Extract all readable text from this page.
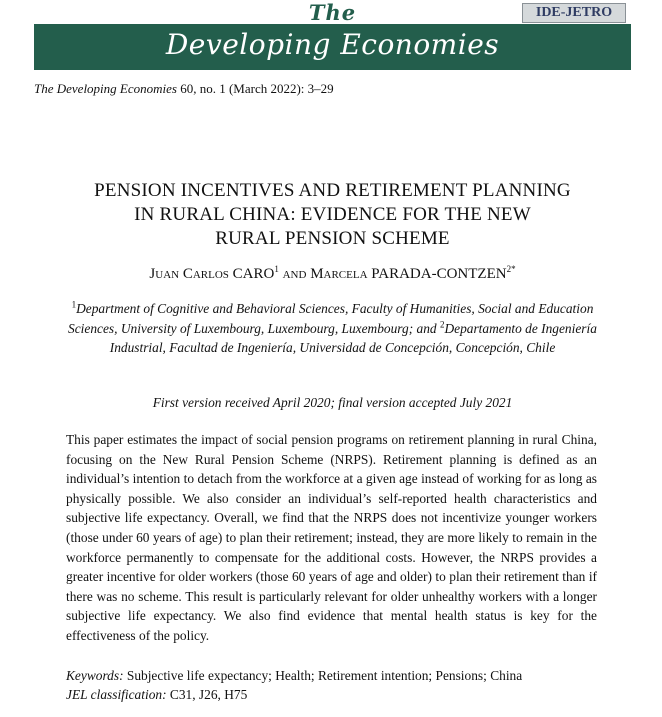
The
Developing Economies
IDE-JETRO
The Developing Economies 60, no. 1 (March 2022): 3–29
PENSION INCENTIVES AND RETIREMENT PLANNING
IN RURAL CHINA: EVIDENCE FOR THE NEW
RURAL PENSION SCHEME
Juan Carlos CARO$^1$ and Marcela PARADA-$CONTZEN^{2*}$
$^1$Department of Cognitive and Behavioral Sciences, Faculty of Humanities, Social and Education
Sciences, University of Luxembourg, Luxembourg, Luxembourg; and $^2$Departamento de Ingeniería
Industrial, Facultad de Ingeniería, Universidad de Concepción, Concepción, Chile
First version received April 2020; final version accepted July 2021

This paper estimates the impact of social pension programs on retirement planning in rural China, focusing on the New Rural Pension Scheme (NRPS). Retirement planning is defined as an individual’s intention to detach from the workforce at a given age instead of working for as long as physically possible. We also consider an individual’s self-reported health characteristics and subjective life expectancy. Overall, we find that the NRPS does not incentivize younger workers (those under 60 years of age) to plan their retirement; instead, they are more likely to remain in the workforce permanently to compensate for the additional costs. However, the NRPS provides a greater incentive for older workers (those 60 years of age and older) to plan their retirement than if there was no scheme. This result is particularly relevant for older unhealthy workers with a longer subjective life expectancy. We also find evidence that mental health status is key for the effectiveness of the policy.

Keywords: Subjective life expectancy; Health; Retirement intention; Pensions; China
JEL classification: C31, J26, H75
